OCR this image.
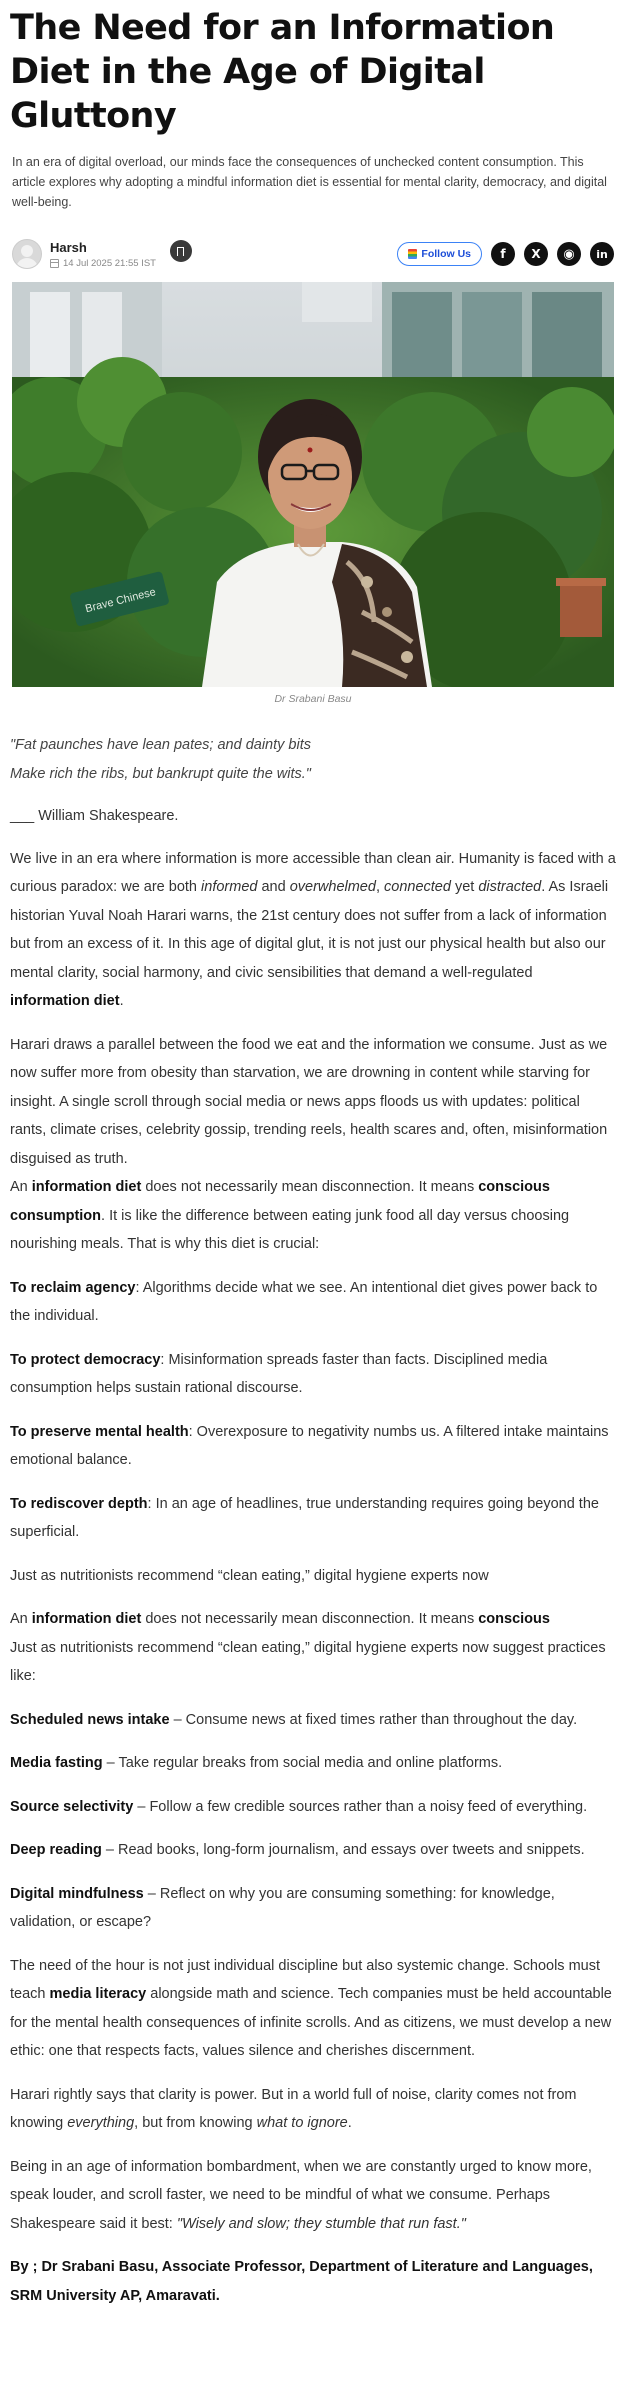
The Need for an Information Diet in the Age of Digital Gluttony

In an era of digital overload, our minds face the consequences of unchecked content consumption. This article explores why adopting a mindful information diet is essential for mental clarity, democracy, and digital well-being.

Harsh
14 Jul 2025 21:55 IST
Follow Us	f	X	◉	in
Brave Chinese

Dr Srabani Basu

"Fat paunches have lean pates; and dainty bits
Make rich the ribs, but bankrupt quite the wits."

___ William Shakespeare.

We live in an era where information is more accessible than clean air. Humanity is faced with a curious paradox: we are both informed and overwhelmed, connected yet distracted. As Israeli historian Yuval Noah Harari warns, the 21st century does not suffer from a lack of information but from an excess of it. In this age of digital glut, it is not just our physical health but also our mental clarity, social harmony, and civic sensibilities that demand a well-regulated information diet.

Harari draws a parallel between the food we eat and the information we consume. Just as we now suffer more from obesity than starvation, we are drowning in content while starving for insight. A single scroll through social media or news apps floods us with updates: political rants, climate crises, celebrity gossip, trending reels, health scares and, often, misinformation disguised as truth.

An information diet does not necessarily mean disconnection. It means conscious consumption. It is like the difference between eating junk food all day versus choosing nourishing meals. That is why this diet is crucial:

To reclaim agency: Algorithms decide what we see. An intentional diet gives power back to the individual.

To protect democracy: Misinformation spreads faster than facts. Disciplined media consumption helps sustain rational discourse.

To preserve mental health: Overexposure to negativity numbs us. A filtered intake maintains emotional balance.

To rediscover depth: In an age of headlines, true understanding requires going beyond the superficial.

Just as nutritionists recommend “clean eating,” digital hygiene experts now

An information diet does not necessarily mean disconnection. It means conscious

Just as nutritionists recommend “clean eating,” digital hygiene experts now suggest practices like:

Scheduled news intake – Consume news at fixed times rather than throughout the day.

Media fasting – Take regular breaks from social media and online platforms.

Source selectivity – Follow a few credible sources rather than a noisy feed of everything.

Deep reading – Read books, long-form journalism, and essays over tweets and snippets.

Digital mindfulness – Reflect on why you are consuming something: for knowledge, validation, or escape?

The need of the hour is not just individual discipline but also systemic change. Schools must teach media literacy alongside math and science. Tech companies must be held accountable for the mental health consequences of infinite scrolls. And as citizens, we must develop a new ethic: one that respects facts, values silence and cherishes discernment.

Harari rightly says that clarity is power. But in a world full of noise, clarity comes not from knowing everything, but from knowing what to ignore.

Being in an age of information bombardment, when we are constantly urged to know more, speak louder, and scroll faster, we need to be mindful of what we consume. Perhaps Shakespeare said it best: "Wisely and slow; they stumble that run fast."

By ; Dr Srabani Basu, Associate Professor, Department of Literature and Languages, SRM University AP, Amaravati.
